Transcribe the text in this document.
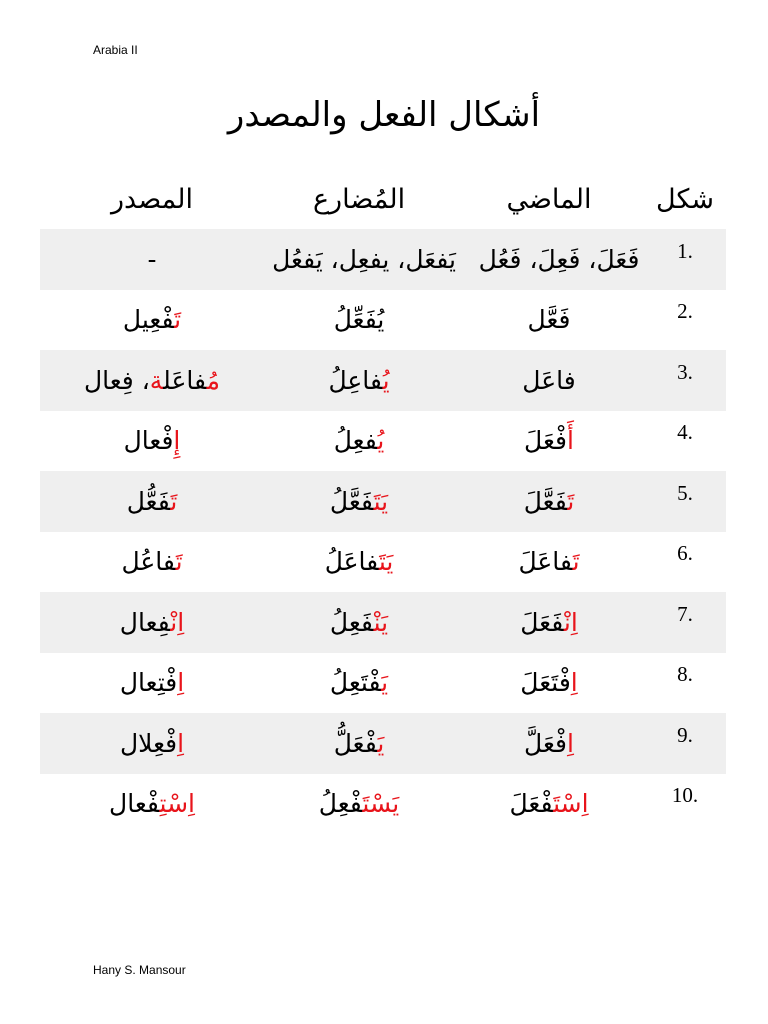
Arabia II
أشكال الفعل والمصدر
شكل
الماضي
المُضارع
المصدر
1.
فَعَلَ، فَعِلَ، فَعُل
يَفعَل، يفعِل، يَفعُل
-
2.
فَعَّل
يُفَعِّلُ
تَفْعِيل
3.
فاعَل
يُفاعِلُ
مُفاعَلة، فِعال
4.
أَفْعَلَ
يُفعِلُ
إِفْعال
5.
تَفَعَّلَ
يَتَفَعَّلُ
تَفَعُّل
6.
تَفاعَلَ
يَتَفاعَلُ
تَفاعُل
7.
اِنْفَعَلَ
يَنْفَعِلُ
اِنْفِعال
8.
اِفْتَعَلَ
يَفْتَعِلُ
اِفْتِعال
9.
اِفْعَلَّ
يَفْعَلُّ
اِفْعِلال
10.
اِسْتَفْعَلَ
يَسْتَفْعِلُ
اِسْتِفْعال
Hany S. Mansour
